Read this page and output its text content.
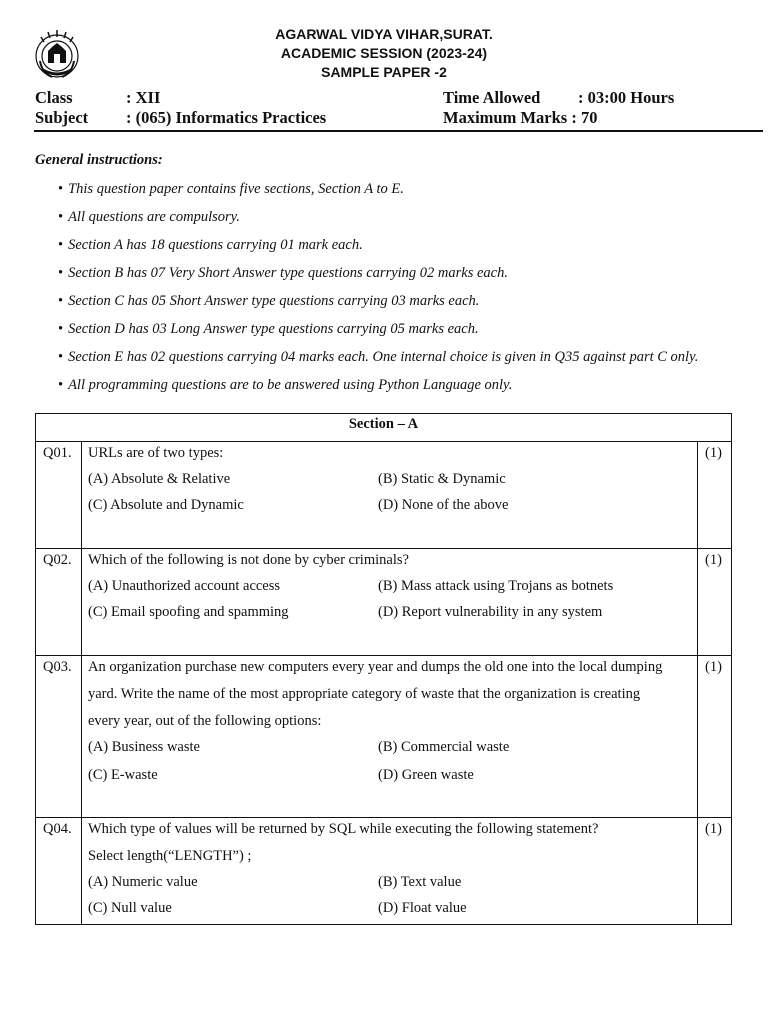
AGARWAL VIDYA VIHAR,SURAT.
ACADEMIC SESSION (2023-24)
SAMPLE PAPER -2
Class	: XII
Subject : (065) Informatics Practices
Time Allowed : 03:00 Hours
Maximum Marks : 70
General instructions:
• This question paper contains five sections, Section A to E.
• All questions are compulsory.
• Section A has 18 questions carrying 01 mark each.
• Section B has 07 Very Short Answer type questions carrying 02 marks each.
• Section C has 05 Short Answer type questions carrying 03 marks each.
• Section D has 03 Long Answer type questions carrying 05 marks each.
• Section E has 02 questions carrying 04 marks each. One internal choice is given in Q35 against part C only.
• All programming questions are to be answered using Python Language only.
Section – A
Q01. URLs are of two types:
(A) Absolute & Relative	(B) Static & Dynamic
(C) Absolute and Dynamic	(D) None of the above
(1)
Q02. Which of the following is not done by cyber criminals?
(A) Unauthorized account access	(B) Mass attack using Trojans as botnets
(C) Email spoofing and spamming	(D) Report vulnerability in any system
(1)
Q03. An organization purchase new computers every year and dumps the old one into the local dumping
yard. Write the name of the most appropriate category of waste that the organization is creating
every year, out of the following options:
(A) Business waste	(B) Commercial waste
(C) E-waste	(D) Green waste
(1)
Q04. Which type of values will be returned by SQL while executing the following statement?
Select length(“LENGTH”) ;
(A) Numeric value	(B) Text value
(C) Null value	(D) Float value
(1)
